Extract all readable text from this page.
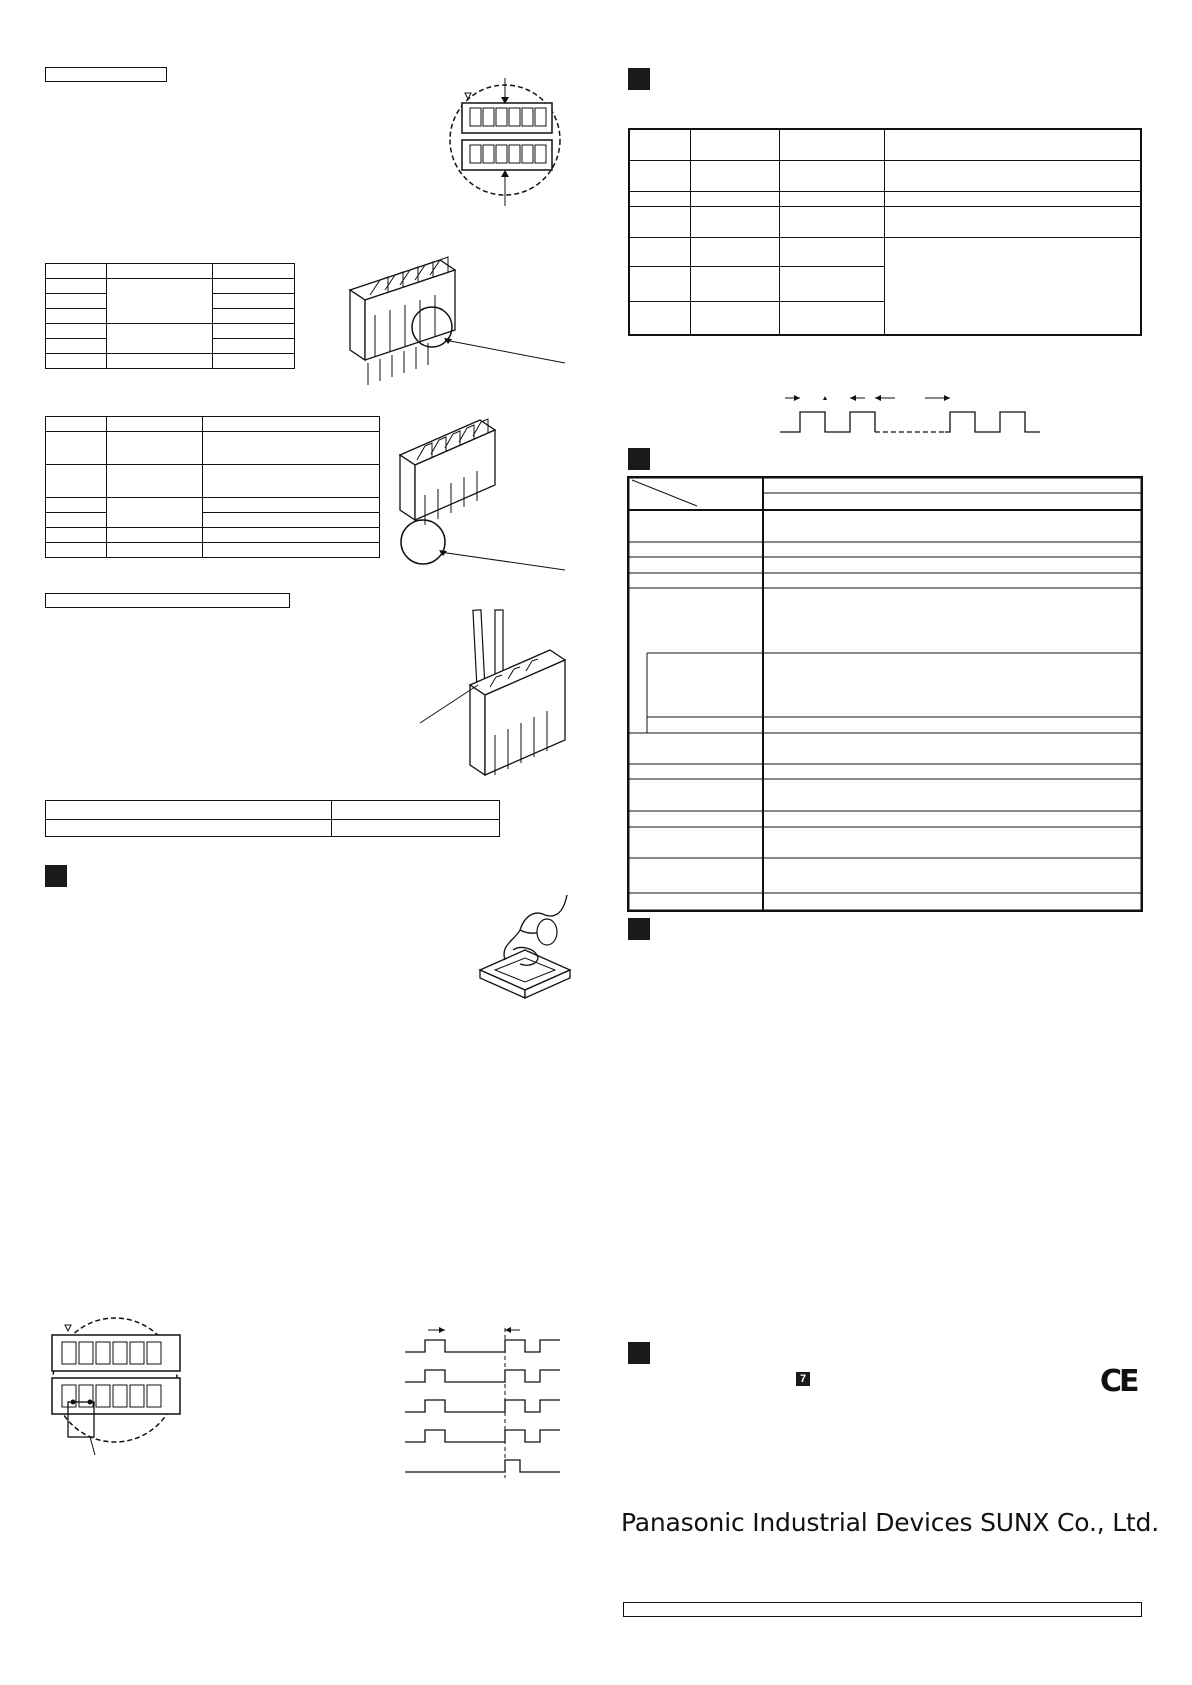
7	CE
Panasonic Industrial Devices SUNX Co., Ltd.
